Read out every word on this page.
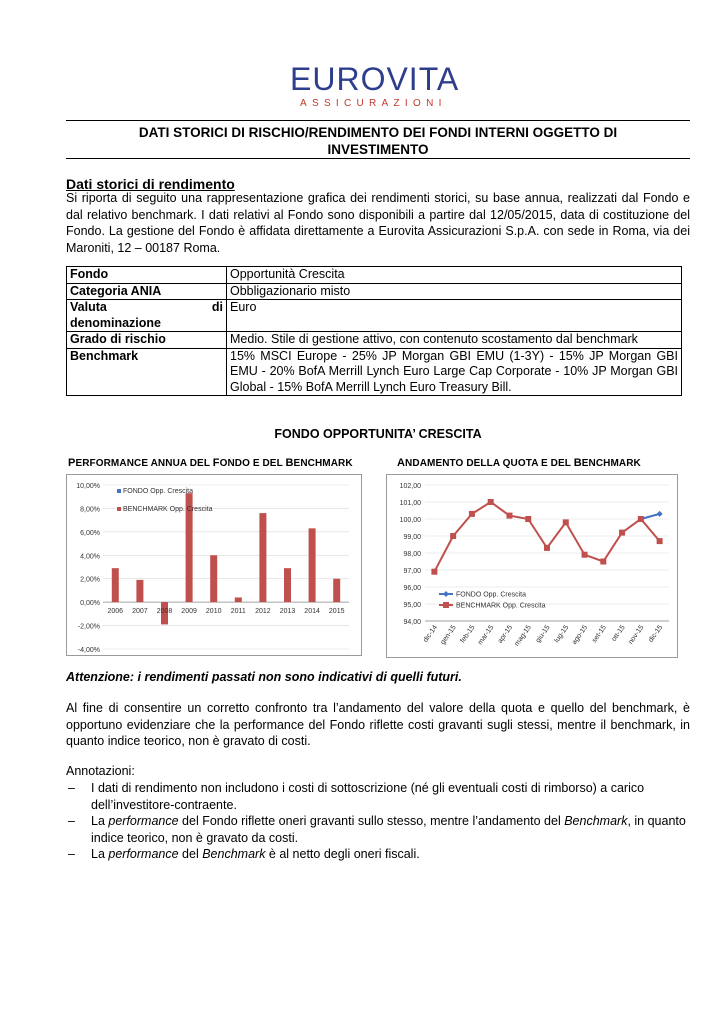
EUROVITA
ASSICURAZIONI
DATI STORICI DI RISCHIO/RENDIMENTO DEI FONDI INTERNI OGGETTO DI
INVESTIMENTO
Dati storici di rendimento
Si riporta di seguito una rappresentazione grafica dei rendimenti storici, su base annua, realizzati dal Fondo e dal relativo benchmark. I dati relativi al Fondo sono disponibili a partire dal 12/05/2015, data di costituzione del Fondo. La gestione del Fondo è affidata direttamente a Eurovita Assicurazioni S.p.A. con sede in Roma, via dei Maroniti, 12 – 00187 Roma.
Fondo	Opportunità Crescita
Categoria ANIA	Obbligazionario misto

Valuta di
denominazione	Euro
Grado di rischio	Medio. Stile di gestione attivo, con contenuto scostamento dal benchmark
Benchmark	15% MSCI Europe - 25% JP Morgan GBI EMU (1-3Y) - 15% JP Morgan GBI EMU - 20% BofA Merrill Lynch Euro Large Cap Corporate - 10% JP Morgan GBI Global - 15% BofA Merrill Lynch Euro Treasury Bill.
FONDO OPPORTUNITA’ CRESCITA
PERFORMANCE ANNUA DEL FONDO E DEL BENCHMARK	ANDAMENTO DELLA QUOTA E DEL BENCHMARK
10,00%
8,00%
6,00%
4,00%
2,00%
0,00%
-2,00%
-4,00%
2006 2007 2008 2009 2010 2011 2012 2013 2014 2015
FONDO Opp. Crescita
BENCHMARK Opp. Crescita
102,00
101,00
100,00
99,00
98,00
97,00
96,00
95,00
94,00
dic-14 gen-15 feb-15 mar-15 apr-15 mag-15 giu-15 lug-15 ago-15 set-15 ott-15 nov-15 dic-15
FONDO Opp. Crescita
BENCHMARK Opp. Crescita
Attenzione: i rendimenti passati non sono indicativi di quelli futuri.
Al fine di consentire un corretto confronto tra l’andamento del valore della quota e quello del benchmark, è opportuno evidenziare che la performance del Fondo riflette costi gravanti sugli stessi, mentre il benchmark, in quanto indice teorico, non è gravato di costi.
Annotazioni:
– I dati di rendimento non includono i costi di sottoscrizione (né gli eventuali costi di rimborso) a carico dell’investitore-contraente.
– La performance del Fondo riflette oneri gravanti sullo stesso, mentre l’andamento del Benchmark, in quanto indice teorico, non è gravato da costi.
– La performance del Benchmark è al netto degli oneri fiscali.
